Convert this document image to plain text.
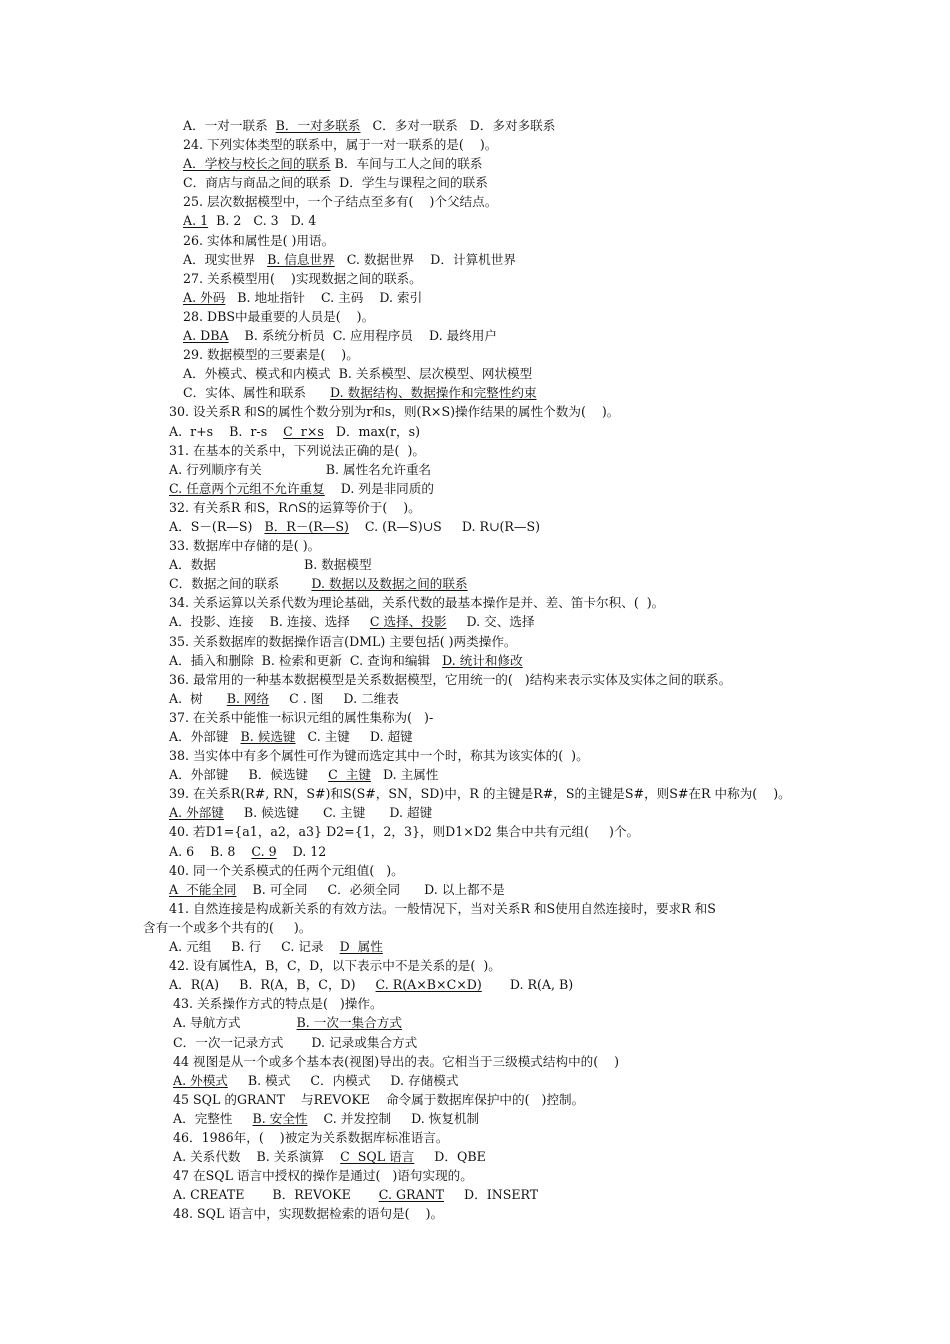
A．一对一联系
B．一对多联系 C．多对一联系   D．多对多联系
24. 下列实体类型的联系中，属于一对一联系的是(    )。
A．学校与校长之间的联系 B．车间与工人之间的联系
C．商店与商品之间的联系  D．学生与课程之间的联系
25. 层次数据模型中，一个子结点至多有(    )个父结点。
A. 1 B. 2   C. 3   D. 4
26. 实体和属性是( )用语。
A．现实世界 B. 信息世界 C. 数据世界    D．计算机世界
27. 关系模型用(    )实现数据之间的联系。
A. 外码 B. 地址指针    C. 主码    D. 索引
28. DBS中最重要的人员是(    )。
A. DBA B. 系统分析员  C. 应用程序员    D. 最终用户
29. 数据模型的三要素是(    )。
A．外模式、模式和内模式  B. 关系模型、层次模型、网状模型
C．实体、属性和联系 D. 数据结构、数据操作和完整性约束
30. 设关系R 和S的属性个数分别为r和s，则(R×S)操作结果的属性个数为(    )。
A.  r+s    B.  r-s C  r×s D．max(r，s)
31. 在基本的关系中，下列说法正确的是(  )。
A. 行列顺序有关                B. 属性名允许重名
C. 任意两个元组不允许重复 D. 列是非同质的
32. 有关系R 和S，R∩S的运算等价于(    )。
A．S－(R—S) B．R－(R—S) C. (R—S)∪S     D. R∪(R—S)
33. 数据库中存储的是( )。
A．数据                      B. 数据模型
C．数据之间的联系 D. 数据以及数据之间的联系
34. 关系运算以关系代数为理论基础，关系代数的最基本操作是并、差、笛卡尔积、(  )。
A．投影、连接    B. 连接、选择 C 选择、投影 D. 交、选择
35. 关系数据库的数据操作语言(DML) 主要包括( )两类操作。
A．插入和删除  B. 检索和更新  C. 查询和编辑 D. 统计和修改
36. 最常用的一种基本数据模型是关系数据模型，它用统一的(   )结构来表示实体及实体之间的联系。
A.  树 B. 网络 C . 图     D. 二维表
37. 在关系中能惟一标识元组的属性集称为(   )-
A．外部键 B. 候选键 C. 主键     D. 超键
38. 当实体中有多个属性可作为键而选定其中一个时，称其为该实体的(  )。
A．外部键     B．候选键 C  主键 D. 主属性
39. 在关系R(R#, RN，S#)和S(S#，SN，SD)中，R 的主键是R#，S的主键是S#，则S#在R 中称为(    )。
A. 外部键 B. 候选键      C. 主键      D. 超键
40. 若D1={a1，a2，a3} D2={1，2，3}，则D1×D2 集合中共有元组(     )个。
A. 6    B. 8 C. 9 D. 12
40. 同一个关系模式的任两个元组值(   )。
A  不能全同 B. 可全同     C．必须全同      D. 以上都不是
41. 自然连接是构成新关系的有效方法。一般情况下，当对关系R 和S使用自然连接时，要求R 和S
含有一个或多个共有的(     )。
A. 元组     B. 行     C. 记录 D  属性
42. 设有属性A，B，C，D，以下表示中不是关系的是(  )。
A．R(A)     B.  R(A，B，C，D) C. R(A×B×C×D) D. R(A, B)
43. 关系操作方式的特点是(   )操作。
A. 导航方式 B. 一次一集合方式
C．一次一记录方式       D. 记录或集合方式
44 视图是从一个或多个基本表(视图)导出的表。它相当于三级模式结构中的(    )
A. 外模式 B. 模式     C．内模式     D. 存储模式
45 SQL 的GRANT    与REVOKE    命令属于数据库保护中的(   )控制。
A．完整性 B. 安全性 C. 并发控制     D. 恢复机制
46．1986年，(    )被定为关系数据库标准语言。
A. 关系代数    B. 关系演算 C  SQL 语言 D．QBE
47 在SQL 语言中授权的操作是通过(   )语句实现的。
A. CREATE       B．REVOKE C. GRANT D．INSERT
48. SQL 语言中，实现数据检索的语句是(    )。
